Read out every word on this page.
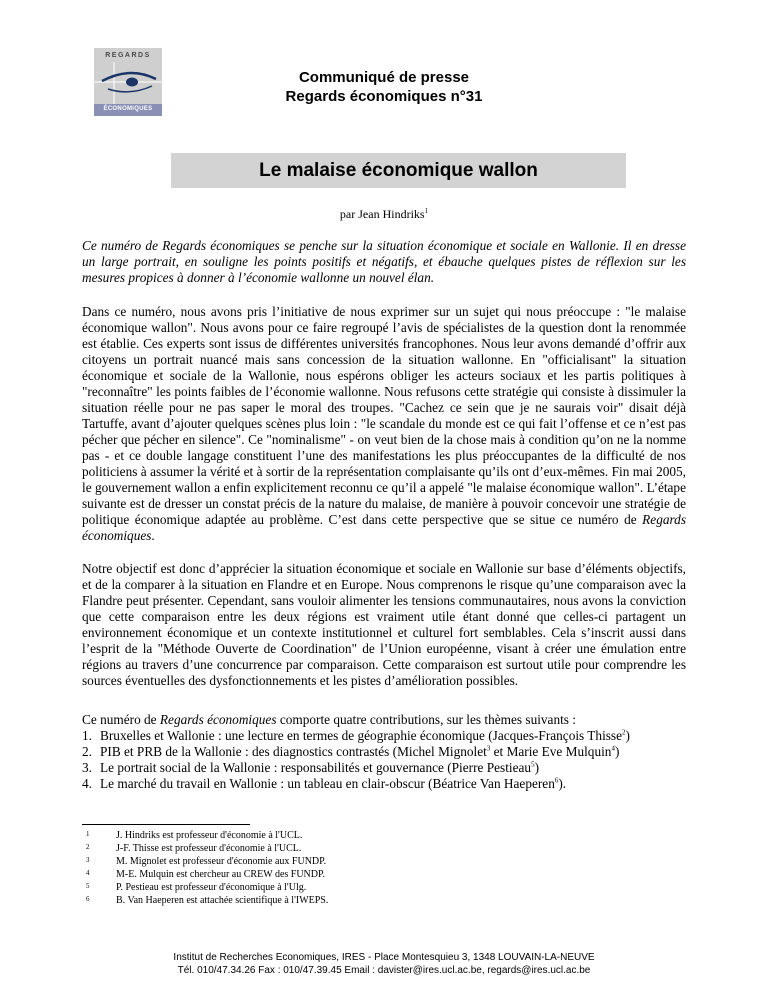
REGARDS
ÉCONOMIQUES
Communiqué de presse
Regards économiques n°31
Le malaise économique wallon
par Jean Hindriks$^1$
Ce numéro de Regards économiques se penche sur la situation économique et sociale en Wallonie. Il en dresse un large portrait, en souligne les points positifs et négatifs, et ébauche quelques pistes de réflexion sur les mesures propices à donner à l’économie wallonne un nouvel élan.
Dans ce numéro, nous avons pris l’initiative de nous exprimer sur un sujet qui nous préoccupe : "le malaise économique wallon". Nous avons pour ce faire regroupé l’avis de spécialistes de la question dont la renommée est établie. Ces experts sont issus de différentes universités francophones. Nous leur avons demandé d’offrir aux citoyens un portrait nuancé mais sans concession de la situation wallonne. En "officialisant" la situation économique et sociale de la Wallonie, nous espérons obliger les acteurs sociaux et les partis politiques à "reconnaître" les points faibles de l’économie wallonne. Nous refusons cette stratégie qui consiste à dissimuler la situation réelle pour ne pas saper le moral des troupes. "Cachez ce sein que je ne saurais voir" disait déjà Tartuffe, avant d’ajouter quelques scènes plus loin : "le scandale du monde est ce qui fait l’offense et ce n’est pas pécher que pécher en silence". Ce "nominalisme" - on veut bien de la chose mais à condition qu’on ne la nomme pas - et ce double langage constituent l’une des manifestations les plus préoccupantes de la difficulté de nos politiciens à assumer la vérité et à sortir de la représentation complaisante qu’ils ont d’eux-mêmes. Fin mai 2005, le gouvernement wallon a enfin explicitement reconnu ce qu’il a appelé "le malaise économique wallon". L’étape suivante est de dresser un constat précis de la nature du malaise, de manière à pouvoir concevoir une stratégie de politique économique adaptée au problème. C’est dans cette perspective que se situe ce numéro de Regards économiques.
Notre objectif est donc d’apprécier la situation économique et sociale en Wallonie sur base d’éléments objectifs, et de la comparer à la situation en Flandre et en Europe. Nous comprenons le risque qu’une comparaison avec la Flandre peut présenter. Cependant, sans vouloir alimenter les tensions communautaires, nous avons la conviction que cette comparaison entre les deux régions est vraiment utile étant donné que celles-ci partagent un environnement économique et un contexte institutionnel et culturel fort semblables. Cela s’inscrit aussi dans l’esprit de la "Méthode Ouverte de Coordination" de l’Union européenne, visant à créer une émulation entre régions au travers d’une concurrence par comparaison. Cette comparaison est surtout utile pour comprendre les sources éventuelles des dysfonctionnements et les pistes d’amélioration possibles.
Ce numéro de Regards économiques comporte quatre contributions, sur les thèmes suivants :
1. Bruxelles et Wallonie : une lecture en termes de géographie économique (Jacques-François Thisse$^2$)
2. PIB et PRB de la Wallonie : des diagnostics contrastés (Michel Mignolet$^3$ et Marie Eve Mulquin$^4$)
3. Le portrait social de la Wallonie : responsabilités et gouvernance (Pierre Pestieau$^5$)
4. Le marché du travail en Wallonie : un tableau en clair-obscur (Béatrice Van Haeperen$^6$).
1	J. Hindriks est professeur d'économie à l'UCL.
2	J-F. Thisse est professeur d'économie à l'UCL.
3	M. Mignolet est professeur d'économie aux FUNDP.
4	M-E. Mulquin est chercheur au CREW des FUNDP.
5	P. Pestieau est professeur d'économique à l'Ulg.
6	B. Van Haeperen est attachée scientifique à l'IWEPS.
Institut de Recherches Economiques, IRES - Place Montesquieu 3, 1348 LOUVAIN-LA-NEUVE
Tél. 010/47.34.26 Fax : 010/47.39.45 Email : davister@ires.ucl.ac.be, regards@ires.ucl.ac.be
